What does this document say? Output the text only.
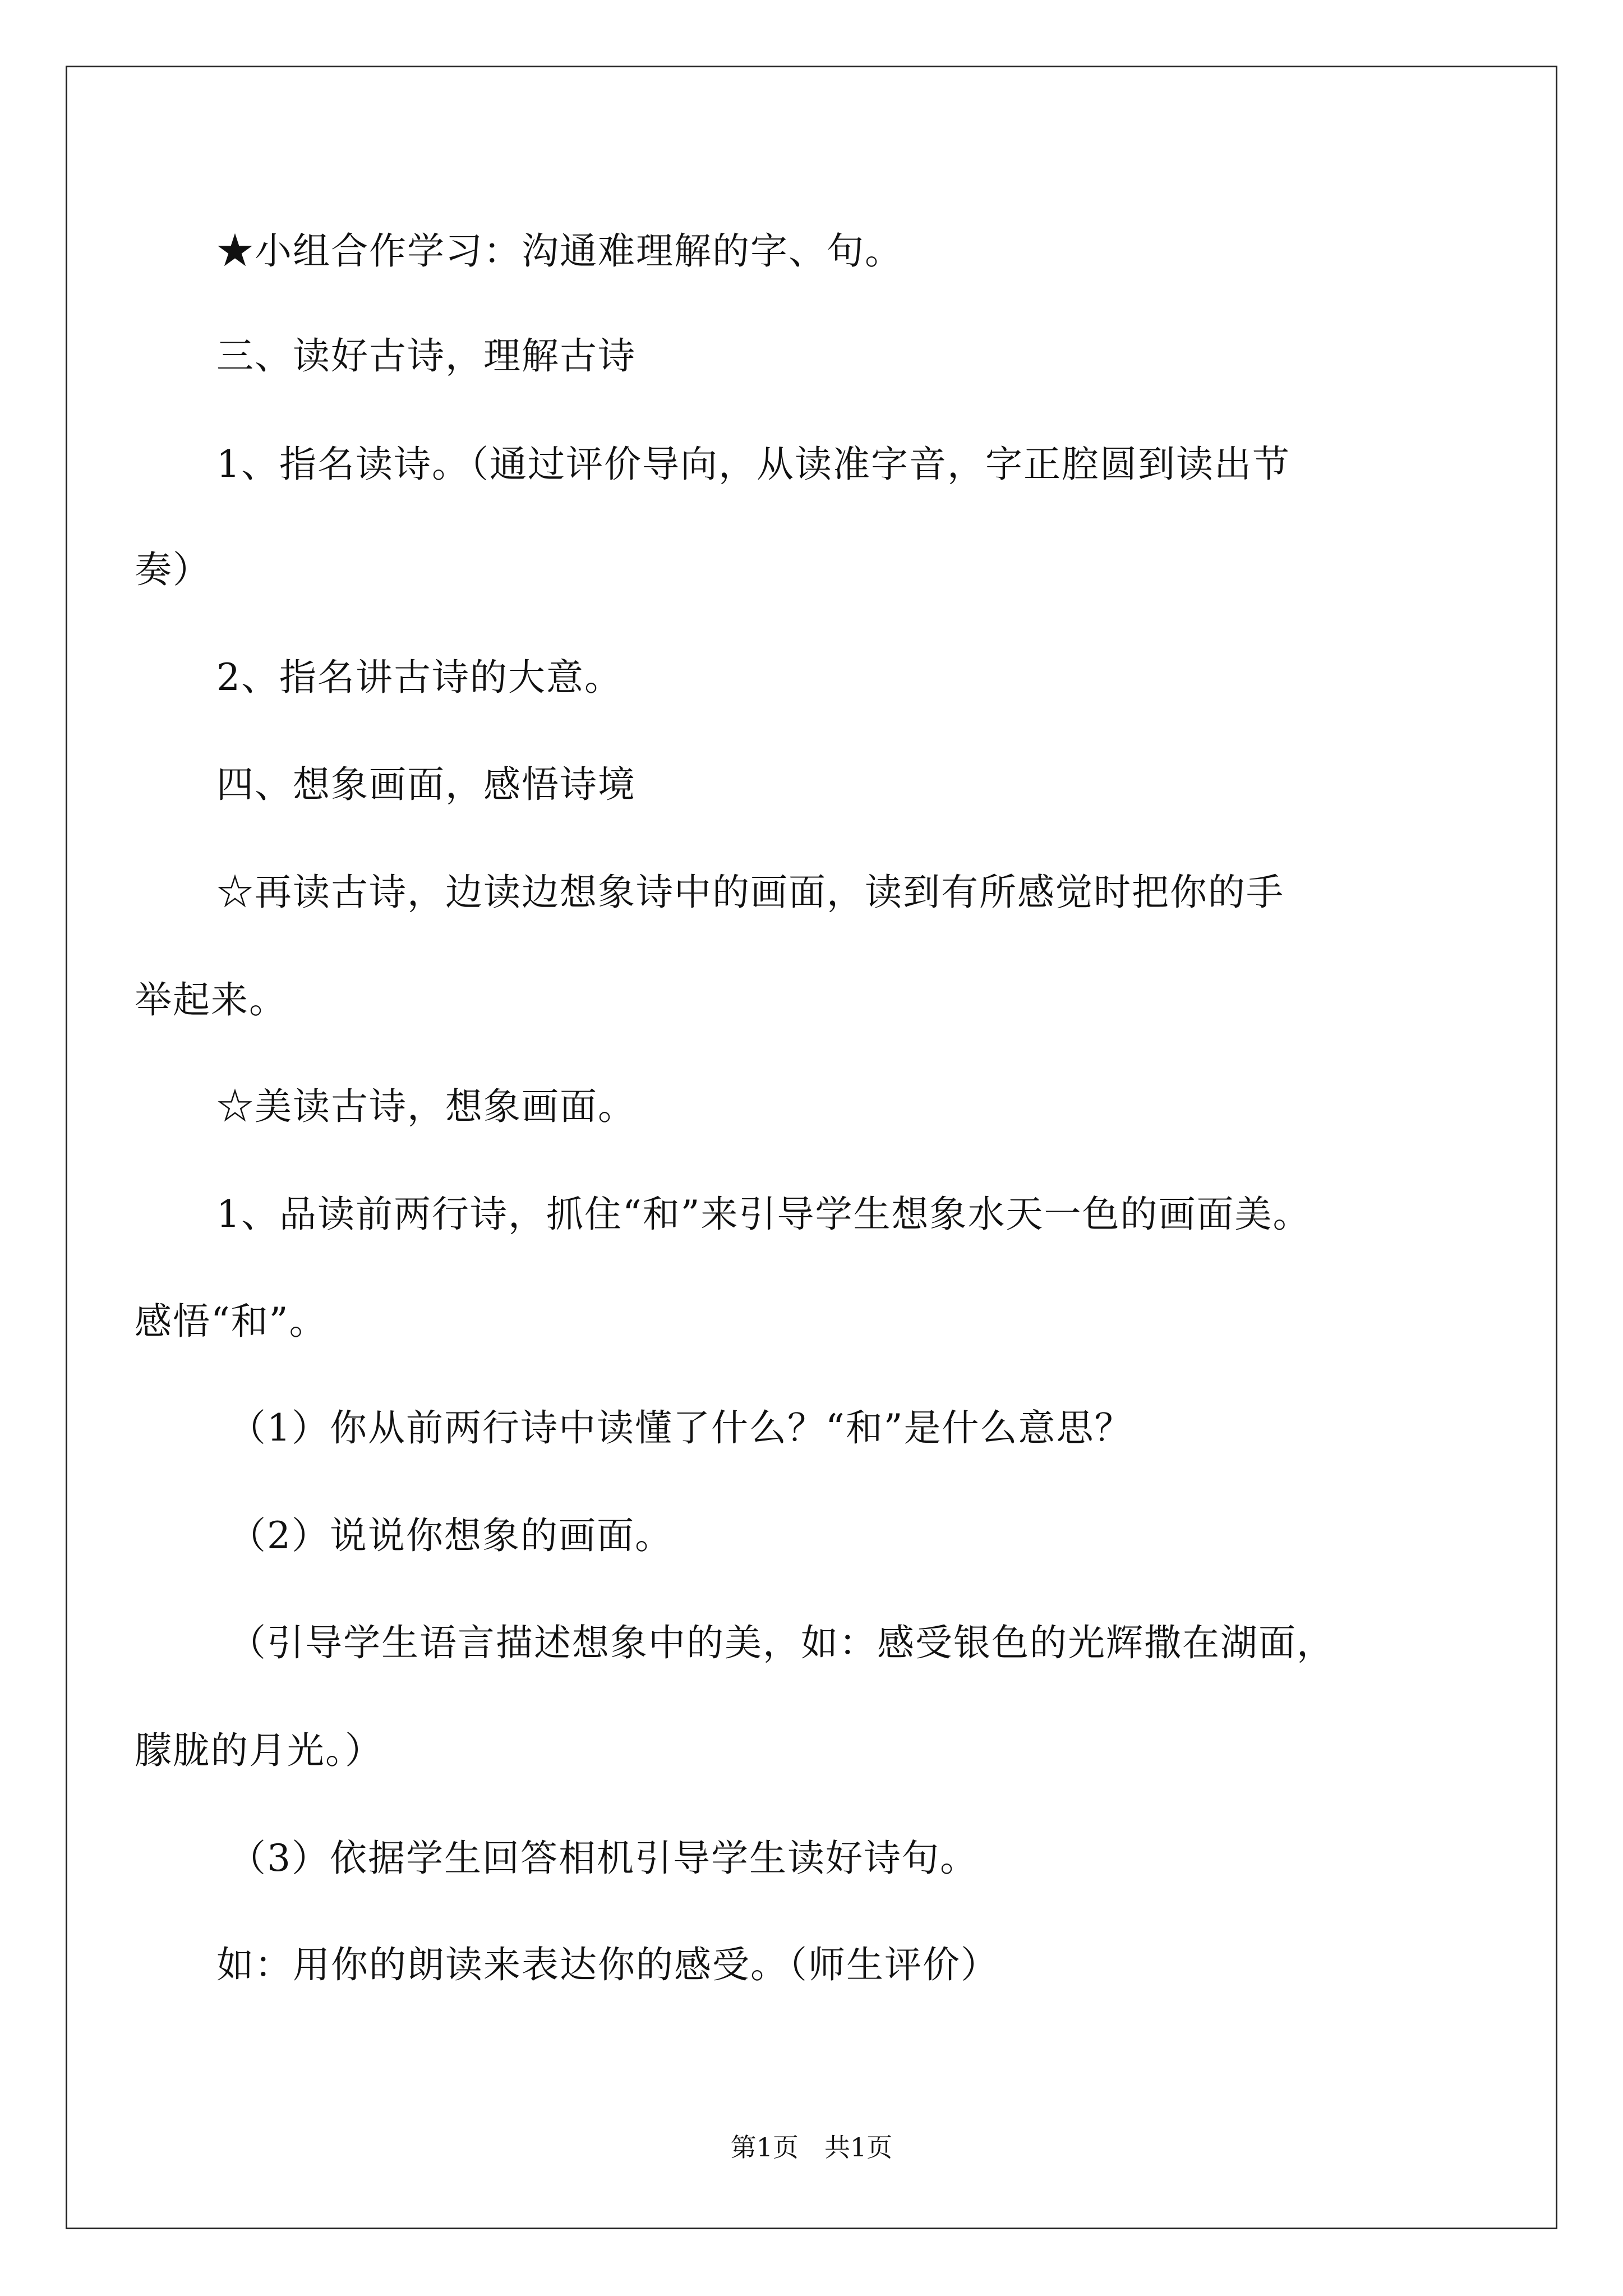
★小组合作学习：沟通难理解的字、句。
三、读好古诗，理解古诗
1、指名读诗。（通过评价导向，从读准字音，字正腔圆到读出节
奏）
2、指名讲古诗的大意。
四、想象画面，感悟诗境
☆再读古诗，边读边想象诗中的画面，读到有所感觉时把你的手
举起来。
☆美读古诗，想象画面。
1、品读前两行诗，抓住“和”来引导学生想象水天一色的画面美。
感悟“和”。
（1）你从前两行诗中读懂了什么？“和”是什么意思？
（2）说说你想象的画面。
（引导学生语言描述想象中的美，如：感受银色的光辉撒在湖面，
朦胧的月光。）
（3）依据学生回答相机引导学生读好诗句。
如：用你的朗读来表达你的感受。（师生评价）
第1页　共1页
